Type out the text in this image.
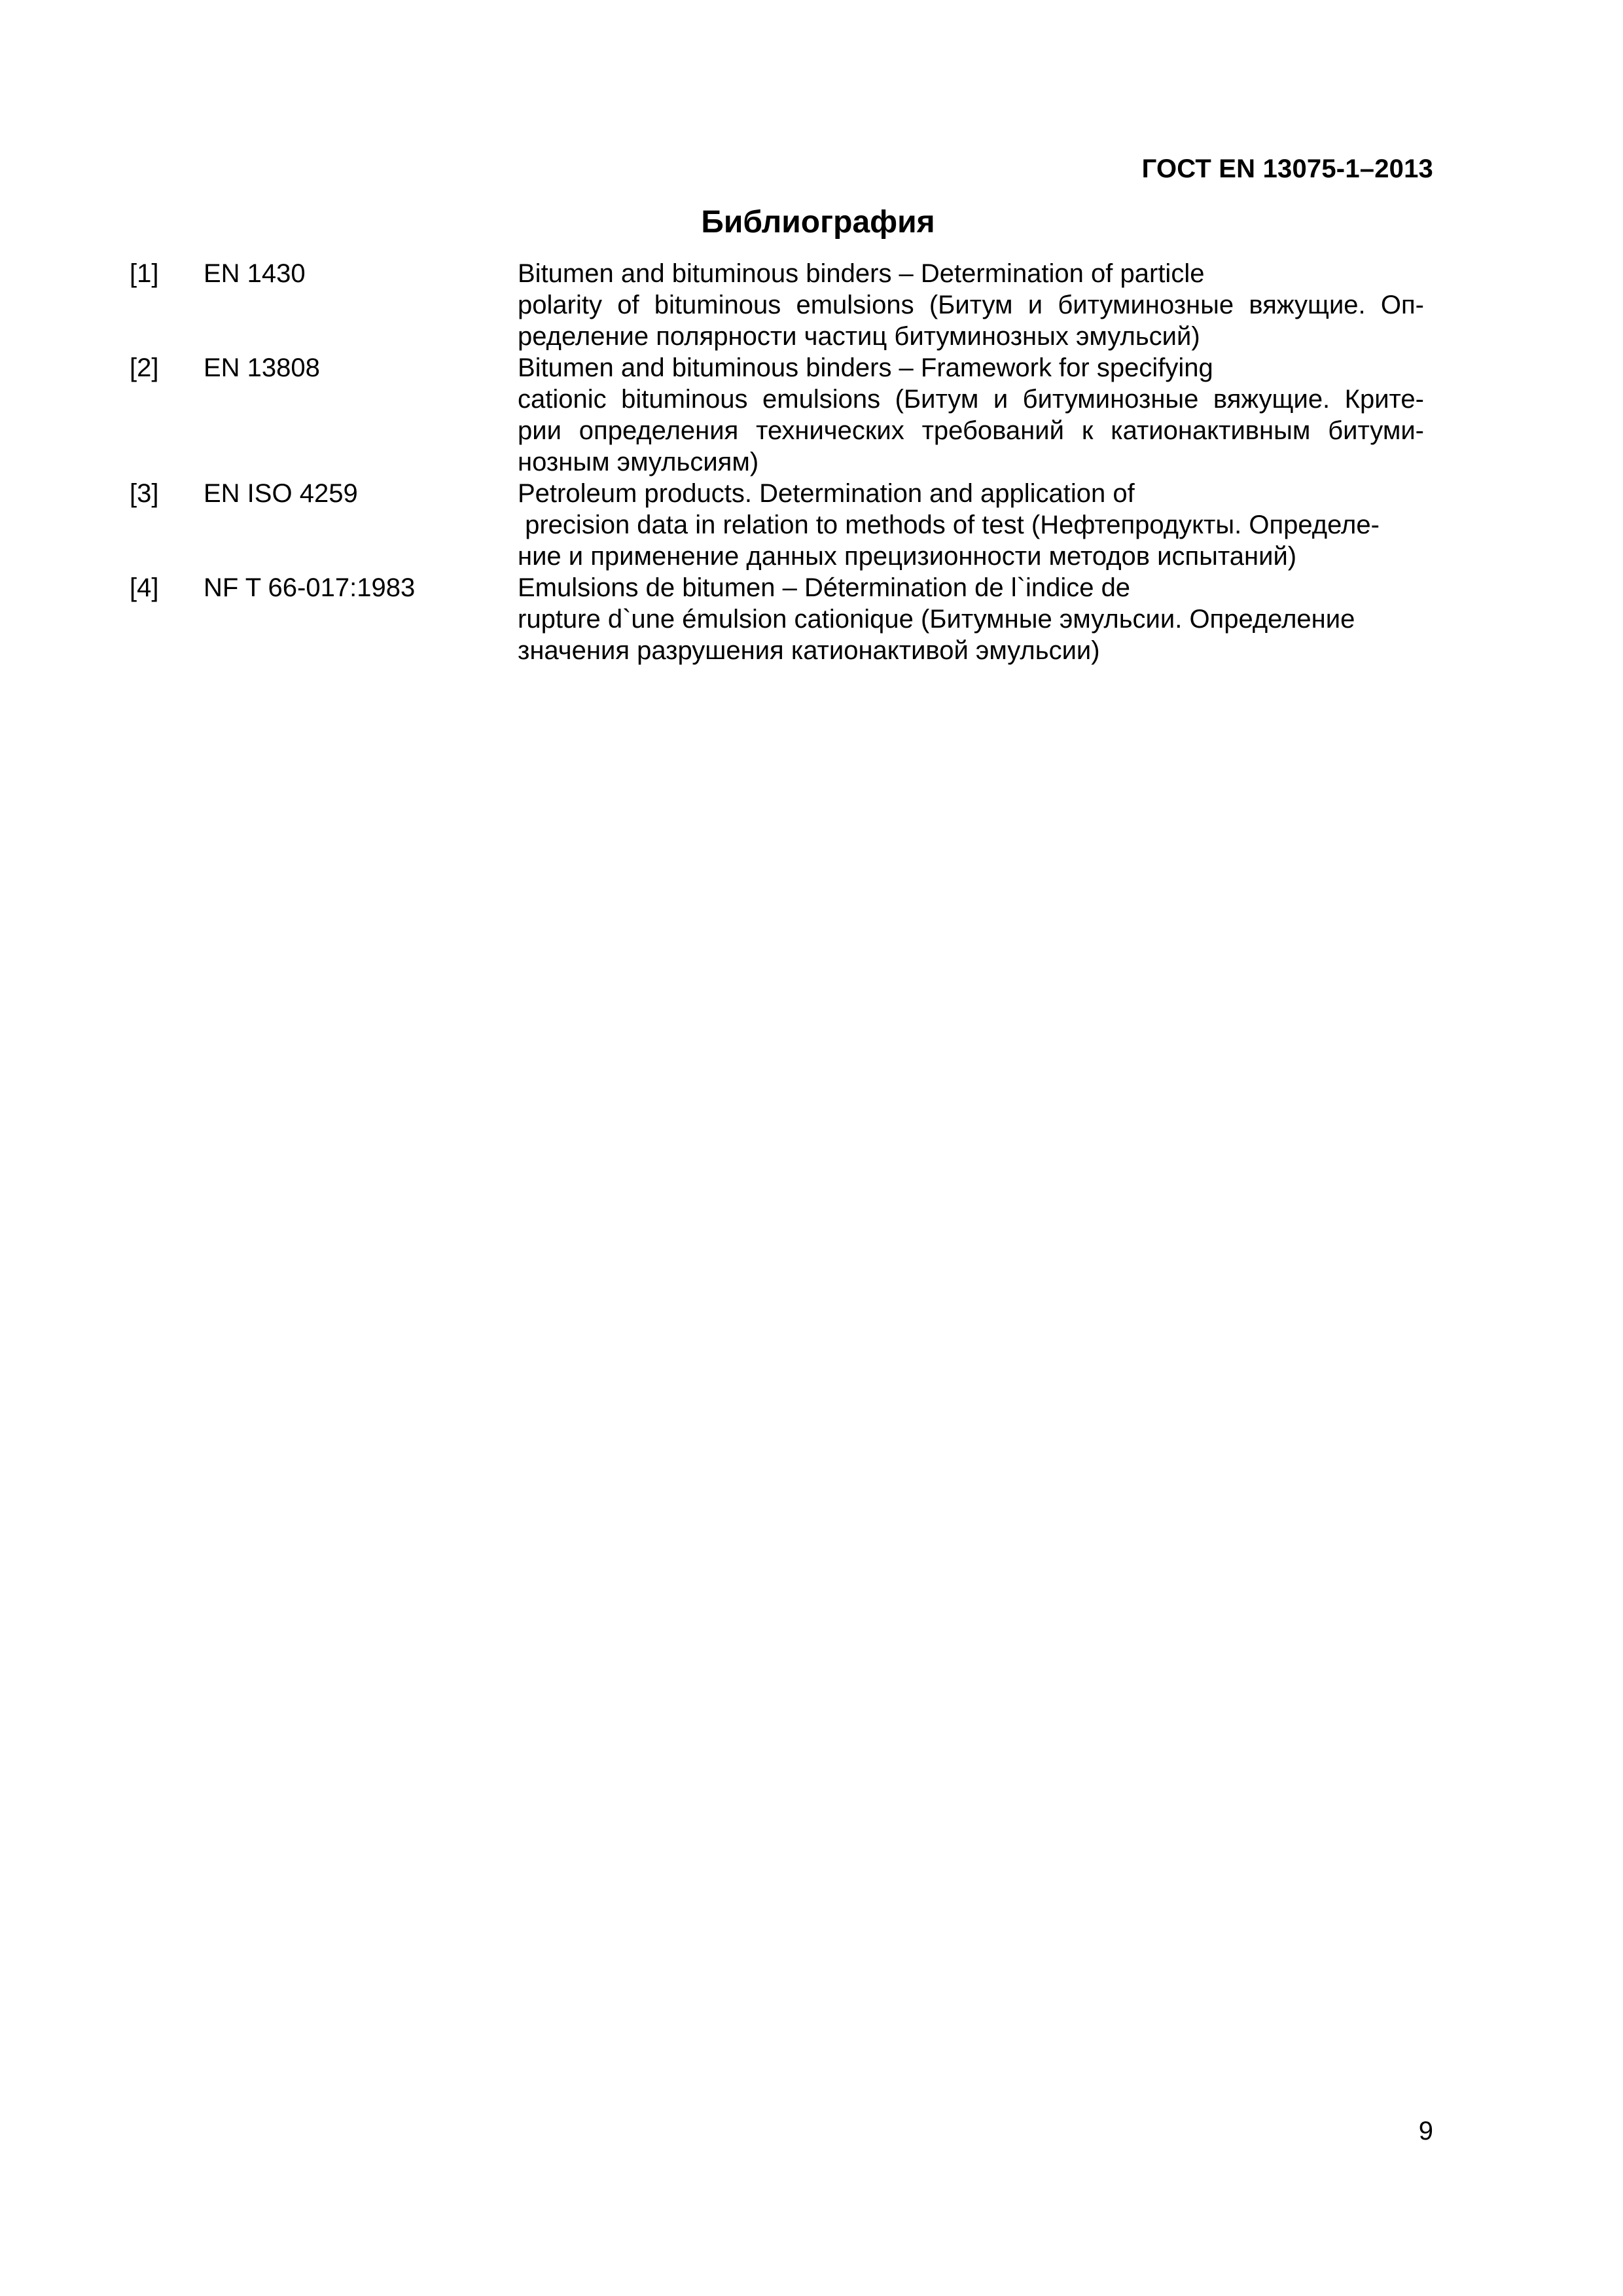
ГОСТ EN 13075-1–2013
Библиография
[1]	EN 1430	Bitumen and bituminous binders – Determination of particle
polarity of bituminous emulsions (Битум и битуминозные вяжущие. Оп-
ределение полярности частиц битуминозных эмульсий)
[2]	EN 13808	Bitumen and bituminous binders – Framework for specifying
cationic bituminous emulsions (Битум и битуминозные вяжущие. Крите-
рии определения технических требований к катионактивным битуми-
нозным эмульсиям)
[3]	EN ISO 4259	Petroleum products. Determination and application of
precision data in relation to methods of test (Нефтепродукты. Определе-
ние и применение данных прецизионности методов испытаний)
[4]	NF T 66-017:1983	Emulsions de bitumen – Détermination de l`indice de
rupture d`une émulsion cationique (Битумные эмульсии. Определение
значения разрушения катионактивой эмульсии)
9
